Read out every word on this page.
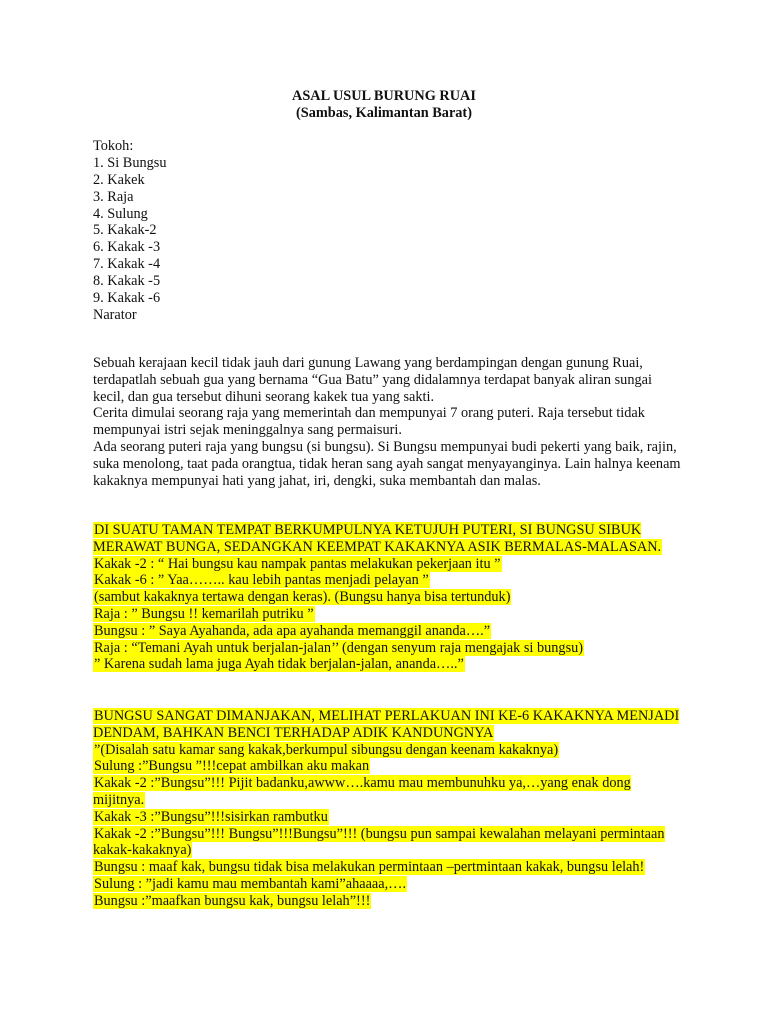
ASAL USUL BURUNG RUAI
(Sambas, Kalimantan Barat)
Tokoh:
1. Si Bungsu
2. Kakek
3. Raja
4. Sulung
5. Kakak-2
6. Kakak -3
7. Kakak -4
8. Kakak -5
9. Kakak -6
Narator

Sebuah kerajaan kecil tidak jauh dari gunung Lawang yang berdampingan dengan gunung Ruai, terdapatlah sebuah gua yang bernama “Gua Batu” yang didalamnya terdapat banyak aliran sungai kecil, dan gua tersebut dihuni seorang kakek tua yang sakti.

Cerita dimulai seorang raja yang memerintah dan mempunyai 7 orang puteri. Raja tersebut tidak mempunyai istri sejak meninggalnya sang permaisuri.

Ada seorang puteri raja yang bungsu (si bungsu). Si Bungsu mempunyai budi pekerti yang baik, rajin, suka menolong, taat pada orangtua, tidak heran sang ayah sangat menyayanginya. Lain halnya keenam kakaknya mempunyai hati yang jahat, iri, dengki, suka membantah dan malas.

DI SUATU TAMAN TEMPAT BERKUMPULNYA KETUJUH PUTERI, SI BUNGSU SIBUK MERAWAT BUNGA, SEDANGKAN KEEMPAT KAKAKNYA ASIK BERMALAS-MALASAN.

Kakak -2 : “ Hai bungsu kau nampak pantas melakukan pekerjaan itu ”

Kakak -6 : ” Yaa…….. kau lebih pantas menjadi pelayan ”

(sambut kakaknya tertawa dengan keras). (Bungsu hanya bisa tertunduk)

Raja : ” Bungsu !! kemarilah putriku ”

Bungsu : ” Saya Ayahanda, ada apa ayahanda memanggil ananda….”

Raja : “Temani Ayah untuk berjalan-jalan’’ (dengan senyum raja mengajak si bungsu)

” Karena sudah lama juga Ayah tidak berjalan-jalan, ananda…..”

BUNGSU SANGAT DIMANJAKAN, MELIHAT PERLAKUAN INI KE-6 KAKAKNYA MENJADI DENDAM, BAHKAN BENCI TERHADAP ADIK KANDUNGNYA

”(Disalah satu kamar sang kakak,berkumpul sibungsu dengan keenam kakaknya)

Sulung :”Bungsu ”!!!cepat ambilkan aku makan

Kakak -2 :”Bungsu”!!! Pijit badanku,awww….kamu mau membunuhku ya,…yang enak dong mijitnya.

Kakak -3 :”Bungsu”!!!sisirkan rambutku

Kakak -2 :”Bungsu”!!! Bungsu”!!!Bungsu”!!! (bungsu pun sampai kewalahan melayani permintaan kakak-kakaknya)

Bungsu : maaf kak, bungsu tidak bisa melakukan permintaan –pertmintaan kakak, bungsu lelah!

Sulung : ”jadi kamu mau membantah kami”ahaaaa,….

Bungsu :”maafkan bungsu kak, bungsu lelah”!!!
